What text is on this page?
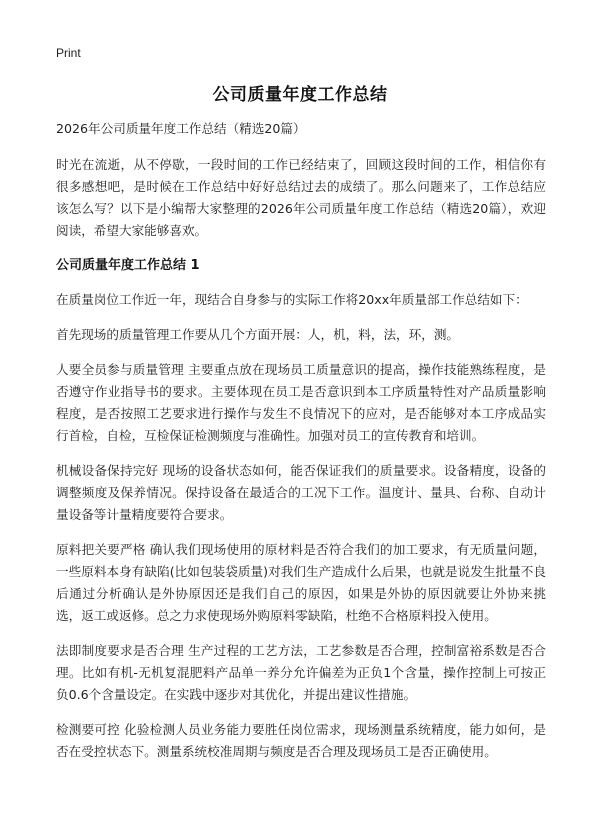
Print
公司质量年度工作总结

2026年公司质量年度工作总结（精选20篇）

时光在流逝，从不停歇，一段时间的工作已经结束了，回顾这段时间的工作，相信你有很多感想吧，是时候在工作总结中好好总结过去的成绩了。那么问题来了，工作总结应该怎么写？以下是小编帮大家整理的2026年公司质量年度工作总结（精选20篇），欢迎阅读，希望大家能够喜欢。

公司质量年度工作总结 1

在质量岗位工作近一年，现结合自身参与的实际工作将20xx年质量部工作总结如下：

首先现场的质量管理工作要从几个方面开展：人，机，料，法，环，测。

人要全员参与质量管理 主要重点放在现场员工质量意识的提高，操作技能熟练程度，是否遵守作业指导书的要求。主要体现在员工是否意识到本工序质量特性对产品质量影响程度，是否按照工艺要求进行操作与发生不良情况下的应对，是否能够对本工序成品实行首检，自检，互检保证检测频度与准确性。加强对员工的宣传教育和培训。

机械设备保持完好 现场的设备状态如何，能否保证我们的质量要求。设备精度，设备的调整频度及保养情况。保持设备在最适合的工况下工作。温度计、量具、台称、自动计量设备等计量精度要符合要求。

原料把关要严格 确认我们现场使用的原材料是否符合我们的加工要求，有无质量问题，一些原料本身有缺陷(比如包装袋质量)对我们生产造成什么后果，也就是说发生批量不良后通过分析确认是外协原因还是我们自己的原因，如果是外协的原因就要让外协来挑选，返工或返修。总之力求使现场外购原料零缺陷，杜绝不合格原料投入使用。

法即制度要求是否合理 生产过程的工艺方法，工艺参数是否合理，控制富裕系数是否合理。比如有机-无机复混肥料产品单一养分允许偏差为正负1个含量，操作控制上可按正负0.6个含量设定。在实践中逐步对其优化，并提出建议性措施。

检测要可控 化验检测人员业务能力要胜任岗位需求，现场测量系统精度，能力如何，是否在受控状态下。测量系统校准周期与频度是否合理及现场员工是否正确使用。
